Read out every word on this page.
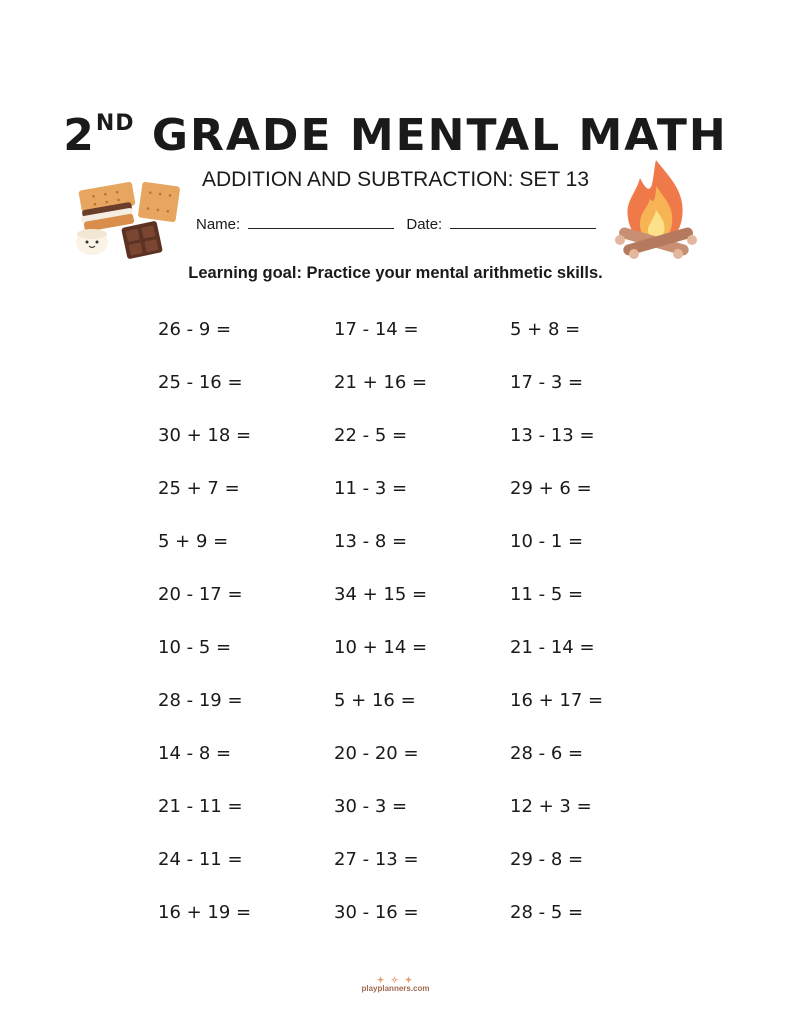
2ND GRADE MENTAL MATH
ADDITION AND SUBTRACTION: SET 13
Name:	Date:
Learning goal: Practice your mental arithmetic skills.
26 - 9 =	17 - 14 =	5 + 8 =
25 - 16 =	21 + 16 =	17 - 3 =
30 + 18 =	22 - 5 =	13 - 13 =
25 + 7 =	11 - 3 =	29 + 6 =
5 + 9 =	13 - 8 =	10 - 1 =
20 - 17 =	34 + 15 =	11 - 5 =
10 - 5 =	10 + 14 =	21 - 14 =
28 - 19 =	5 + 16 =	16 + 17 =
14 - 8 =	20 - 20 =	28 - 6 =
21 - 11 =	30 - 3 =	12 + 3 =
24 - 11 =	27 - 13 =	29 - 8 =
16 + 19 =	30 - 16 =	28 - 5 =
✦ ✧ ✦
playplanners.com
